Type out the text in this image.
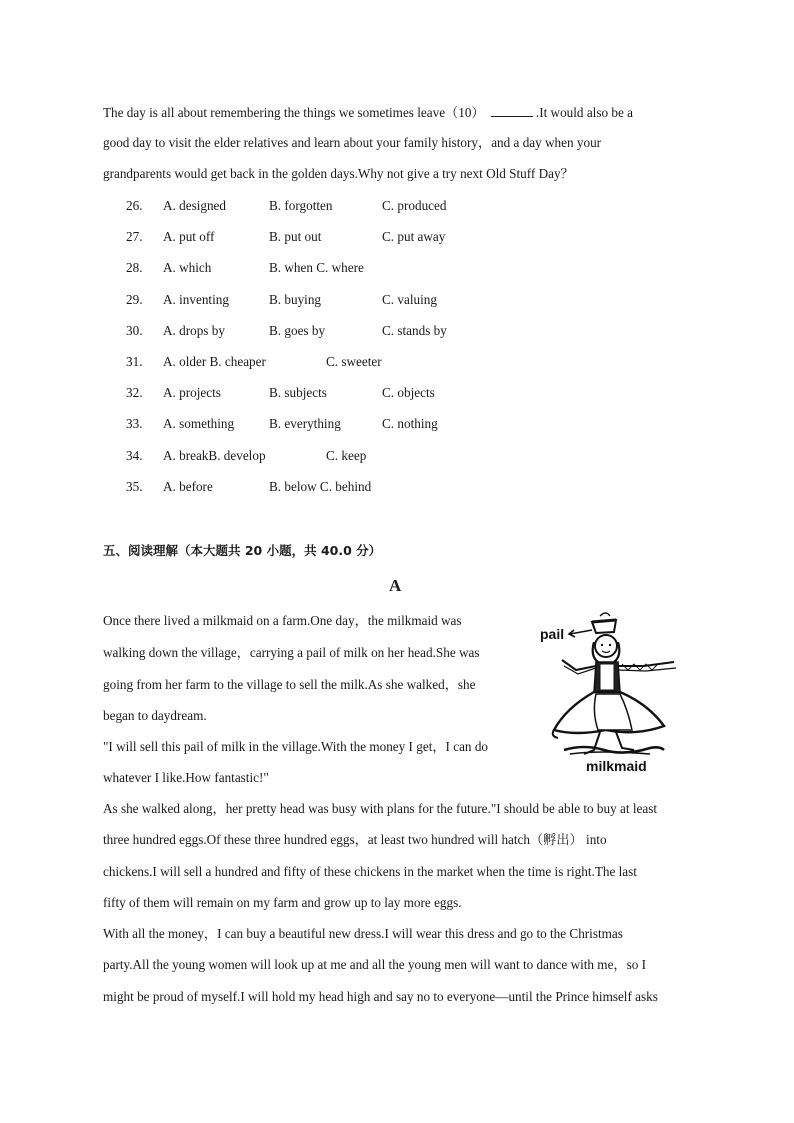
The day is all about remembering the things we sometimes leave（10）	.It would also be a
good day to visit the elder relatives and learn about your family history，and a day when your
grandparents would get back in the golden days.Why not give a try next Old Stuff Day？
26. A. designed	B. forgotten	C. produced
27. A. put off	B. put out	C. put away
28. A. which	B. when C. where
29. A. inventing	B. buying	C. valuing
30. A. drops by	B. goes by	C. stands by
31. A. older B. cheaper	C. sweeter
32. A. projects	B. subjects	C. objects
33. A. something	B. everything	C. nothing
34. A. breakB. develop	C. keep
35. A. before	B. below C. behind
五、阅读理解（本大题共 20 小题，共 40.0 分）
A
pail
milkmaid
Once there lived a milkmaid on a farm.One day，the milkmaid was
walking down the village，carrying a pail of milk on her head.She was
going from her farm to the village to sell the milk.As she walked，she
began to daydream.
"I will sell this pail of milk in the village.With the money I get，I can do
whatever I like.How fantastic!"
As she walked along，her pretty head was busy with plans for the future."I should be able to buy at least
three hundred eggs.Of these three hundred eggs，at least two hundred will hatch（孵出） into
chickens.I will sell a hundred and fifty of these chickens in the market when the time is right.The last
fifty of them will remain on my farm and grow up to lay more eggs.
With all the money，I can buy a beautiful new dress.I will wear this dress and go to the Christmas
party.All the young women will look up at me and all the young men will want to dance with me，so I
might be proud of myself.I will hold my head high and say no to everyone—until the Prince himself asks
